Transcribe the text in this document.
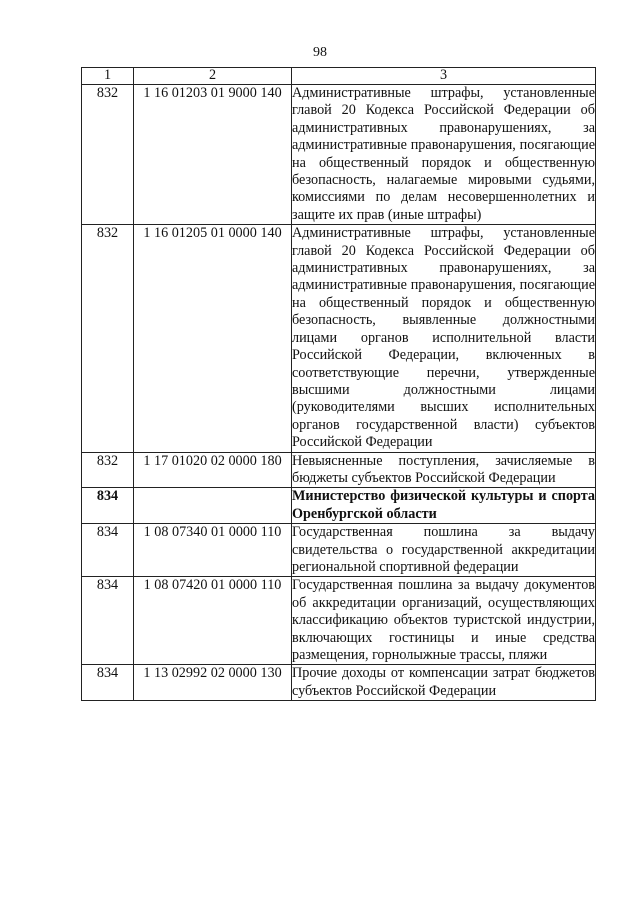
98
1	2	3
832	1 16 01203 01 9000 140	Административные штрафы, установленные главой 20 Кодекса Российской Федерации об административных правонарушениях, за административные правонарушения, посягающие на общественный порядок и общественную безопасность, налагаемые мировыми судьями, комиссиями по делам несовершеннолетних и защите их прав (иные штрафы)
832	1 16 01205 01 0000 140	Административные штрафы, установленные главой 20 Кодекса Российской Федерации об административных правонарушениях, за административные правонарушения, посягающие на общественный порядок и общественную безопасность, выявленные должностными лицами органов исполнительной власти Российской Федерации, включенных в соответствующие перечни, утвержденные высшими должностными лицами (руководителями высших исполнительных органов государственной власти) субъектов Российской Федерации
832	1 17 01020 02 0000 180	Невыясненные поступления, зачисляемые в бюджеты субъектов Российской Федерации
834		Министерство физической культуры и спорта Оренбургской области
834	1 08 07340 01 0000 110	Государственная пошлина за выдачу свидетельства о государственной аккредитации региональной спортивной федерации
834	1 08 07420 01 0000 110	Государственная пошлина за выдачу документов об аккредитации организаций, осуществляющих классификацию объектов туристской индустрии, включающих гостиницы и иные средства размещения, горнолыжные трассы, пляжи
834	1 13 02992 02 0000 130	Прочие доходы от компенсации затрат бюджетов субъектов Российской Федерации
